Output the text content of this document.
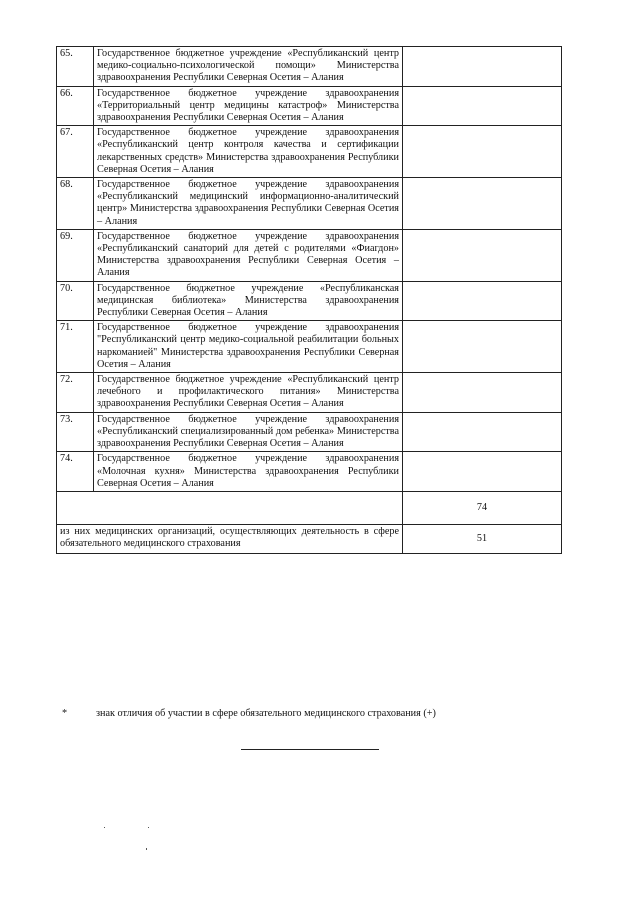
65.	Государственное бюджетное учреждение «Республиканский центр медико-социально-психологической помощи» Министерства здравоохранения Республики Северная Осетия – Алания	
66.	Государственное бюджетное учреждение здравоохранения «Территориальный центр медицины катастроф» Министерства здравоохранения Республики Северная Осетия – Алания	
67.	Государственное бюджетное учреждение здравоохранения «Республиканский центр контроля качества и сертификации лекарственных средств» Министерства здравоохранения Республики Северная Осетия – Алания	
68.	Государственное бюджетное учреждение здравоохранения «Республиканский медицинский информационно-аналитический центр» Министерства здравоохранения Республики Северная Осетия – Алания	
69.	Государственное бюджетное учреждение здравоохранения «Республиканский санаторий для детей с родителями «Фиагдон» Министерства здравоохранения Республики Северная Осетия – Алания	
70.	Государственное бюджетное учреждение «Республиканская медицинская библиотека» Министерства здравоохранения Республики Северная Осетия – Алания	
71.	Государственное бюджетное учреждение здравоохранения "Республиканский центр медико-социальной реабилитации больных наркоманией" Министерства здравоохранения Республики Северная Осетия – Алания	
72.	Государственное бюджетное учреждение «Республиканский центр лечебного и профилактического питания» Министерства здравоохранения Республики Северная Осетия – Алания	
73.	Государственное бюджетное учреждение здравоохранения «Республиканский специализированный дом ребенка» Министерства здравоохранения Республики Северная Осетия – Алания	
74.	Государственное бюджетное учреждение здравоохранения «Молочная кухня» Министерства здравоохранения Республики Северная Осетия – Алания	
		74
из них медицинских организаций, осуществляющих деятельность в сфере обязательного медицинского страхования		51
*	знак отличия об участии в сфере обязательного медицинского страхования (+)
